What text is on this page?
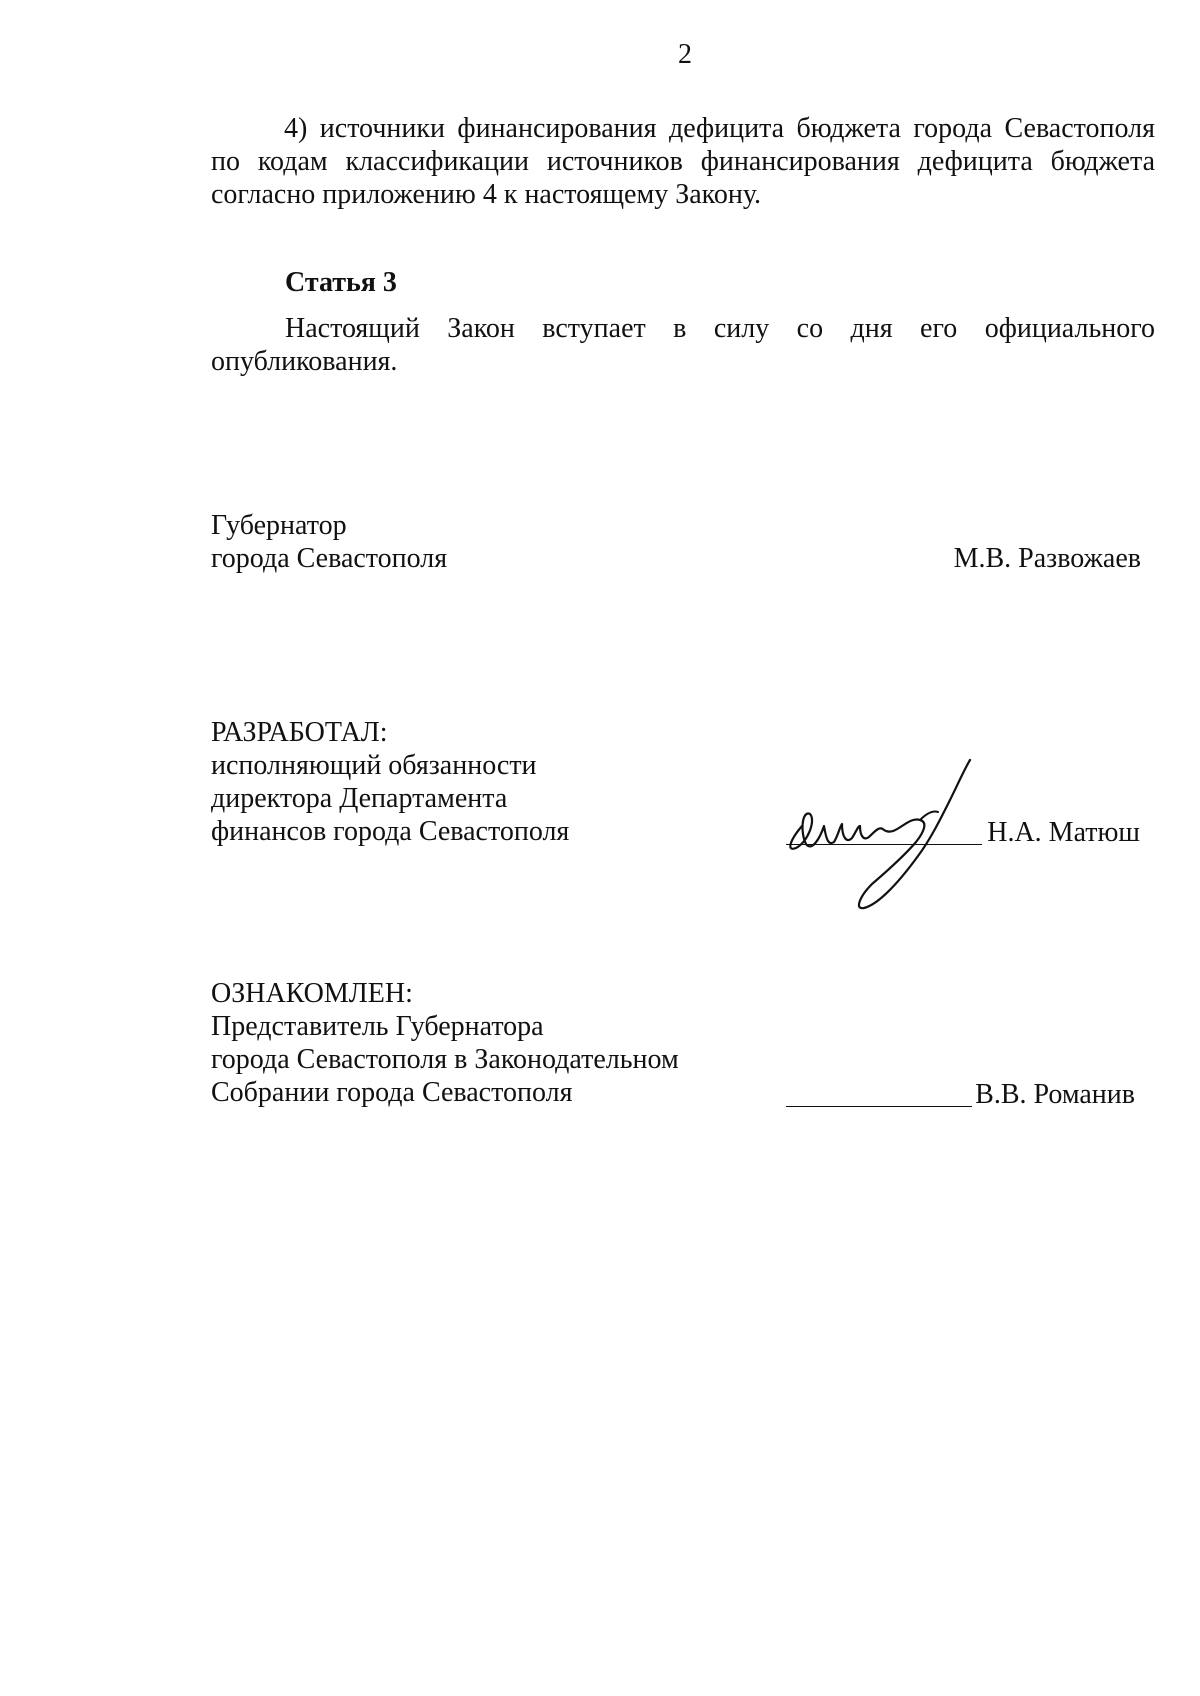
2
4) источники финансирования дефицита бюджета города Севастополя
по кодам классификации источников финансирования дефицита бюджета
согласно приложению 4 к настоящему Закону.
Статья 3
Настоящий Закон вступает в силу со дня его официального
опубликования.
Губернатор
города Севастополя	М.В. Развожаев
РАЗРАБОТАЛ:
исполняющий обязанности
директора Департамента
финансов города Севастополя	Н.А. Матюш
ОЗНАКОМЛЕН:
Представитель Губернатора
города Севастополя в Законодательном
Собрании города Севастополя	В.В. Романив
